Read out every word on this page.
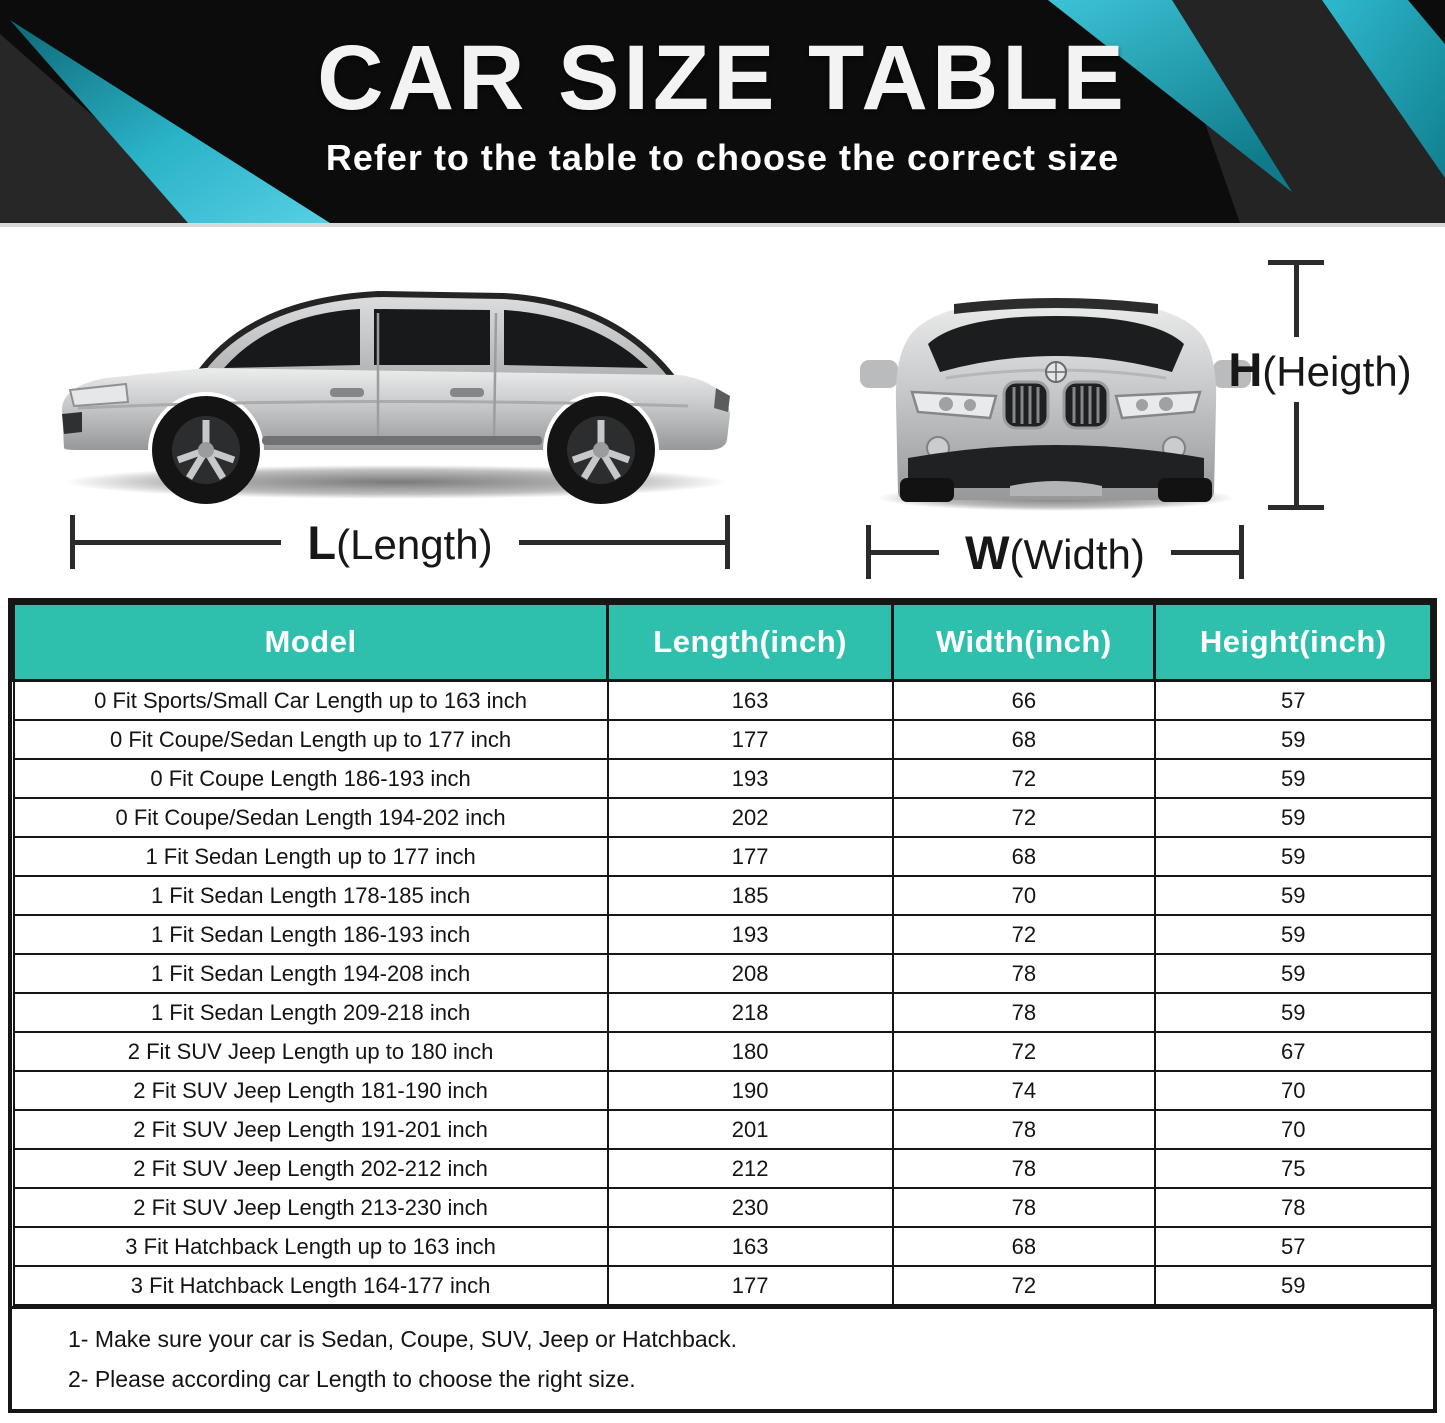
CAR SIZE TABLE
Refer to the table to choose the correct size
L(Length)	W(Width)
H(Heigth)
Model	Length(inch)	Width(inch)	Height(inch)
0 Fit Sports/Small Car Length up to 163 inch	163	66	57
0 Fit Coupe/Sedan Length up to 177 inch	177	68	59
0 Fit Coupe Length 186-193 inch	193	72	59
0 Fit Coupe/Sedan Length 194-202 inch	202	72	59
1 Fit Sedan Length up to 177 inch	177	68	59
1 Fit Sedan Length 178-185 inch	185	70	59
1 Fit Sedan Length 186-193 inch	193	72	59
1 Fit Sedan Length 194-208 inch	208	78	59
1 Fit Sedan Length 209-218 inch	218	78	59
2 Fit SUV Jeep Length up to 180 inch	180	72	67
2 Fit SUV Jeep Length 181-190 inch	190	74	70
2 Fit SUV Jeep Length 191-201 inch	201	78	70
2 Fit SUV Jeep Length 202-212 inch	212	78	75
2 Fit SUV Jeep Length 213-230 inch	230	78	78
3 Fit Hatchback Length up to 163 inch	163	68	57
3 Fit Hatchback Length 164-177 inch	177	72	59
1- Make sure your car is Sedan, Coupe, SUV, Jeep or Hatchback.
2- Please according car Length to choose the right size.
